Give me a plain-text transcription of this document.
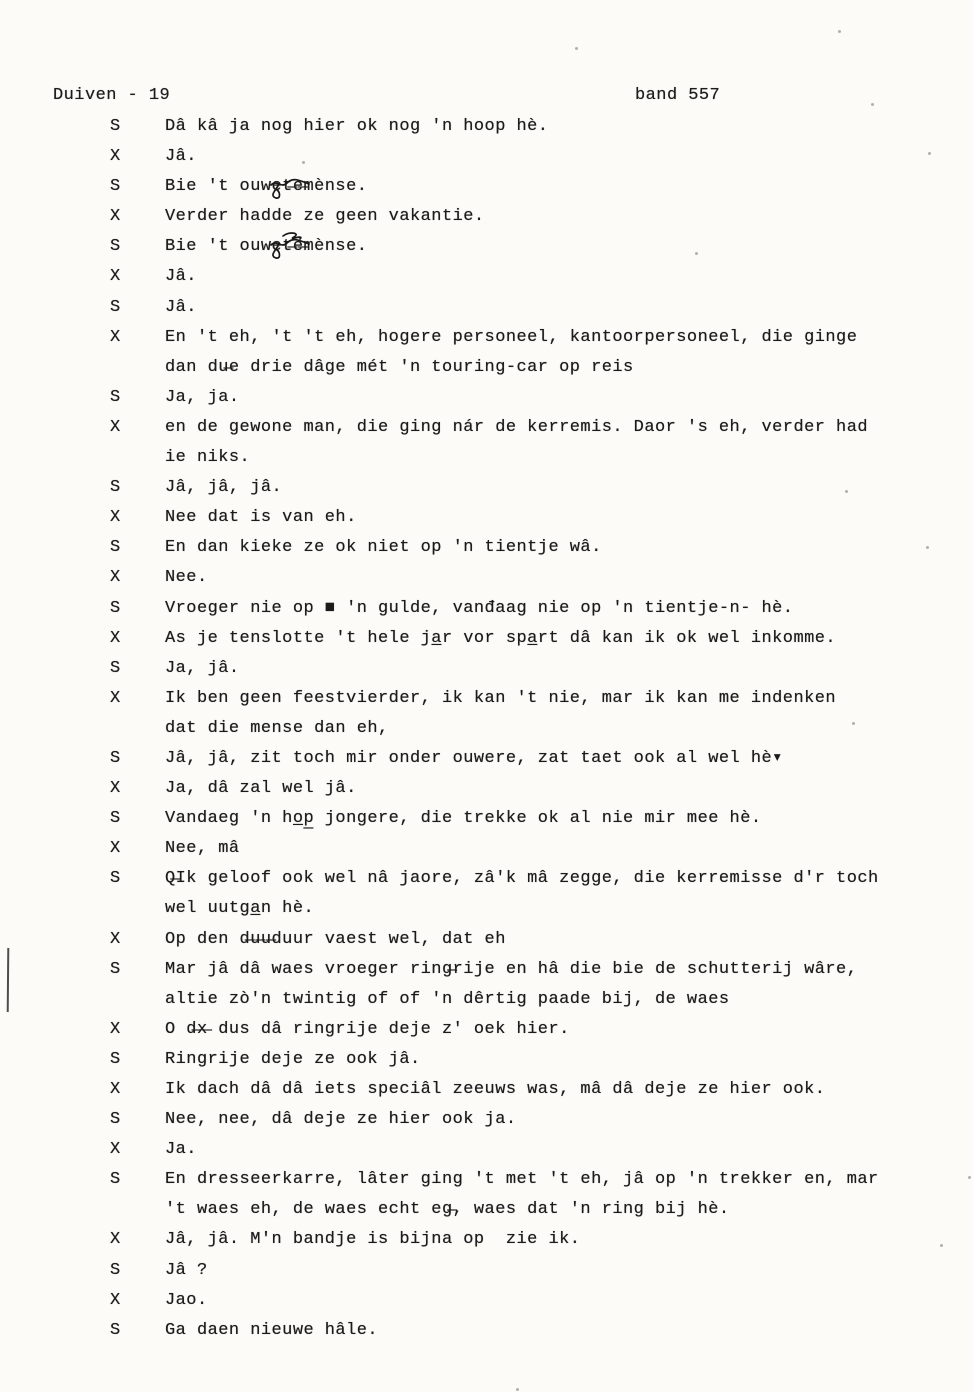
Duiven - 19	band 557
S	Dâ kâ ja nog hier ok nog 'n hoop hè.
X	Jâ.
S	Bie 't ouwet̶e̶mènse.
X	Verder hadde ze geen vakantie.
S	Bie 't ouwet̶e̶mènse.
X	Jâ.
S	Jâ.
X	En 't eh, 't 't eh, hogere personeel, kantoorpersoneel, die ginge
dan du̶e drie dâge mét 'n touring-car op reis
S	Ja, ja.
X	en de gewone man, die ging nár de kerremis. Daor 's eh, verder had
ie niks.
S	Jâ, jâ, jâ.
X	Nee dat is van eh.
S	En dan kieke ze ok niet op 'n tientje wâ.
X	Nee.
S	Vroeger nie op ■ 'n gulde, vanđaag nie op 'n tientje-n- hè.
X	As je tenslotte 't hele ja̲r vor spa̲rt dâ kan ik ok wel inkomme.
S	Ja, jâ.
X	Ik ben geen feestvierder, ik kan 't nie, mar ik kan me indenken
dat die mense dan eh,
S	Jâ, jâ, zit toch mir onder ouwere, zat taet ook al wel hè▾
X	Ja, dâ zal wel jâ.
S	Vandaeg 'n ho̲p̲ jongere, die trekke ok al nie mir mee hè.
X	Nee, mâ
S	Q̶Ik geloof ook wel nâ jaore, zâ'k mâ zegge, die kerremisse d'r toch
wel uutga̲n hè.
X	Op den d̶u̶u̶duur vaest wel, dat eh
S	Mar jâ dâ waes vroeger ring̶rije en hâ die bie de schutterij wâre,
altie zò'n twintig of of 'n dêrtig paade bij, de waes
X	O d̶x̶ dus dâ ringrije deje z' oek hier.
S	Ringrije deje ze ook jâ.
X	Ik dach dâ dâ iets speciâl zeeuws was, mâ dâ deje ze hier ook.
S	Nee, nee, dâ deje ze hier ook ja.
X	Ja.
S	En dresseerkarre, lâter ging 't met 't eh, jâ op 'n trekker en, mar
't waes eh, de waes echt eg̶, waes dat 'n ring bij hè.
X	Jâ, jâ. M'n bandje is bijna op  zie ik.
S	Jâ ?
X	Jao.
S	Ga daen nieuwe hâle.
